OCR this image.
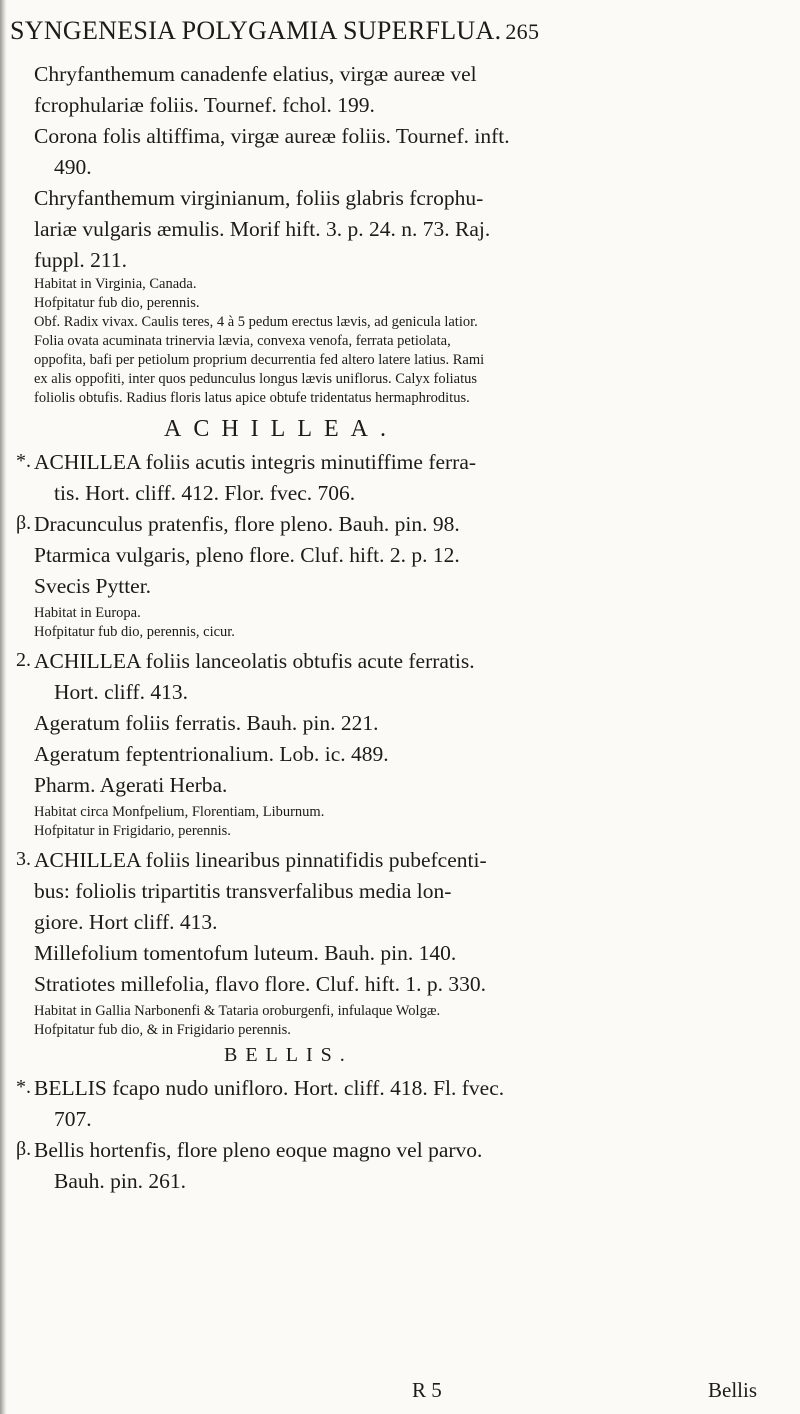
SYNGENESIA POLYGAMIA SUPERFLUA. 265
Chryfanthemum canadenfe elatius, virgæ aureæ vel
fcrophulariæ foliis. Tournef. fchol. 199.
Corona folis altiffima, virgæ aureæ foliis. Tournef. inft.
490.
Chryfanthemum virginianum, foliis glabris fcrophu-
lariæ vulgaris æmulis. Morif hift. 3. p. 24. n. 73. Raj.
fuppl. 211.
Habitat in Virginia, Canada.
Hofpitatur fub dio, perennis.
Obf. Radix vivax. Caulis teres, 4 à 5 pedum erectus lævis, ad genicula latior.
Folia ovata acuminata trinervia lævia, convexa venofa, ferrata petiolata,
oppofita, bafi per petiolum proprium decurrentia fed altero latere latius. Rami
ex alis oppofiti, inter quos pedunculus longus lævis uniflorus. Calyx foliatus
foliolis obtufis. Radius floris latus apice obtufe tridentatus hermaphroditus.
ACHILLEA.
ACHILLEA foliis acutis integris minutiffime ferra-
tis. Hort. cliff. 412. Flor. fvec. 706.
Dracunculus pratenfis, flore pleno. Bauh. pin. 98.
Ptarmica vulgaris, pleno flore. Cluf. hift. 2. p. 12.
Svecis Pytter.
Habitat in Europa.
Hofpitatur fub dio, perennis, cicur.
ACHILLEA foliis lanceolatis obtufis acute ferratis.
Hort. cliff. 413.
Ageratum foliis ferratis. Bauh. pin. 221.
Ageratum feptentrionalium. Lob. ic. 489.
Pharm. Agerati Herba.
Habitat circa Monfpelium, Florentiam, Liburnum.
Hofpitatur in Frigidario, perennis.
ACHILLEA foliis linearibus pinnatifidis pubefcenti-
bus: foliolis tripartitis transverfalibus media lon-
giore. Hort cliff. 413.
Millefolium tomentofum luteum. Bauh. pin. 140.
Stratiotes millefolia, flavo flore. Cluf. hift. 1. p. 330.
Habitat in Gallia Narbonenfi & Tataria oroburgenfi, infulaque Wolgæ.
Hofpitatur fub dio, & in Frigidario perennis.
BELLIS.
BELLIS fcapo nudo unifloro. Hort. cliff. 418. Fl. fvec.
707.
Bellis hortenfis, flore pleno eoque magno vel parvo.
Bauh. pin. 261.
*.
β.
2.
3.
*.
β.
R 5	Bellis
